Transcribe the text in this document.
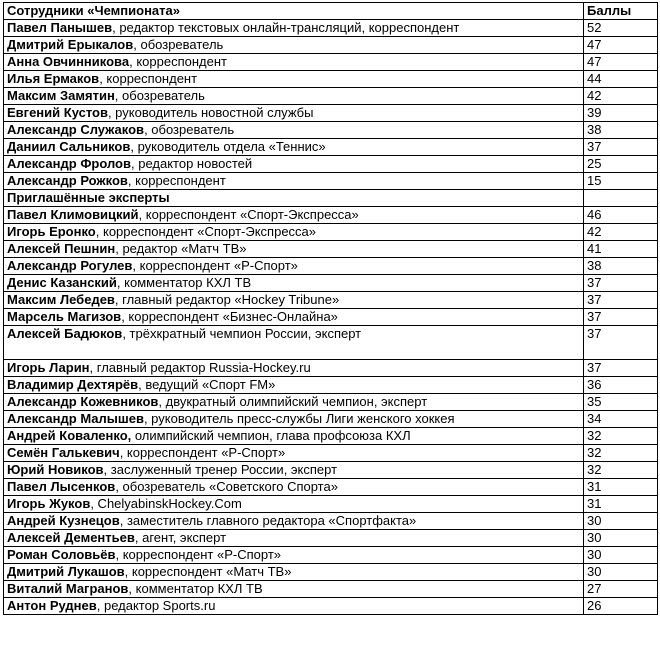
Сотрудники «Чемпионата»	Баллы
Павел Панышев, редактор текстовых онлайн-трансляций, корреспондент	52
Дмитрий Ерыкалов, обозреватель	47
Анна Овчинникова, корреспондент	47
Илья Ермаков, корреспондент	44
Максим Замятин, обозреватель	42
Евгений Кустов, руководитель новостной службы	39
Александр Служаков, обозреватель	38
Даниил Сальников, руководитель отдела «Теннис»	37
Александр Фролов, редактор новостей	25
Александр Рожков, корреспондент	15
Приглашённые эксперты	
Павел Климовицкий, корреспондент «Спорт-Экспресса»	46
Игорь Еронко, корреспондент «Спорт-Экспресса»	42
Алексей Пешнин, редактор «Матч ТВ»	41
Александр Рогулев, корреспондент «Р-Спорт»	38
Денис Казанский, комментатор КХЛ ТВ	37
Максим Лебедев, главный редактор «Hockey Tribune»	37
Марсель Магизов, корреспондент «Бизнес-Онлайна»	37
Алексей Бадюков, трёхкратный чемпион России, эксперт	37
Игорь Ларин, главный редактор Russia-Hockey.ru	37
Владимир Дехтярёв, ведущий «Спорт FM»	36
Александр Кожевников, двукратный олимпийский чемпион, эксперт	35
Александр Малышев, руководитель пресс-службы Лиги женского хоккея	34
Андрей Коваленко, олимпийский чемпион, глава профсоюза КХЛ	32
Семён Галькевич, корреспондент «Р-Спорт»	32
Юрий Новиков, заслуженный тренер России, эксперт	32
Павел Лысенков, обозреватель «Советского Спорта»	31
Игорь Жуков, ChelyabinskHockey.Com	31
Андрей Кузнецов, заместитель главного редактора «Спортфакта»	30
Алексей Дементьев, агент, эксперт	30
Роман Соловьёв, корреспондент «Р-Спорт»	30
Дмитрий Лукашов, корреспондент «Матч ТВ»	30
Виталий Магранов, комментатор КХЛ ТВ	27
Антон Руднев, редактор Sports.ru	26
